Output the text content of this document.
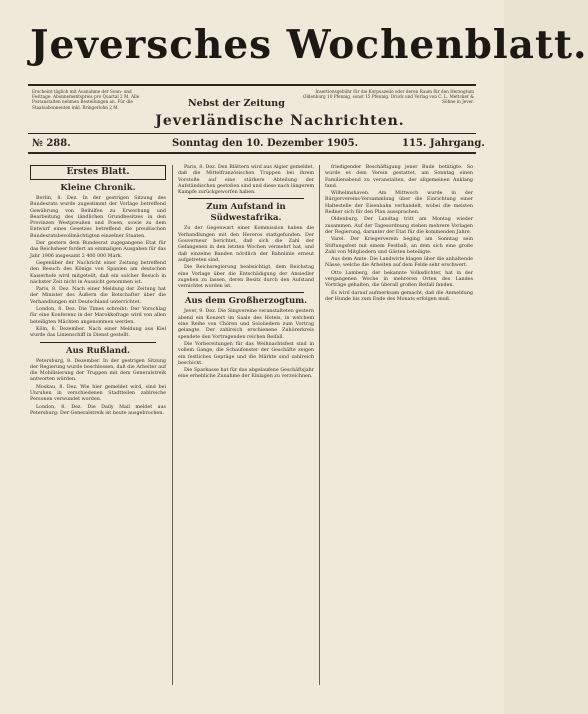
Jeversches Wochenblatt.
Erscheint täglich mit Ausnahme der Sonn- und Festtage. Abonnementspreis pro Quartal 2 M. Alle Postanstalten nehmen Bestellungen an. Für die Staatsabonnenten inkl. Bringerlohn 2 M.
Insertionsgebühr für die Korpuszeile oder deren Raum für den Herzogtum Oldenburg 10 Pfennig, sonst 15 Pfennig. Druck und Verlag von C. L. Mettcker & Söhne in Jever.
Nebst der Zeitung
Jeverländische Nachrichten.
№ 288.	Sonntag den 10. Dezember 1905.	115. Jahrgang.
Erstes Blatt.
Kleine Chronik.

Berlin, 8. Dez. In der gestrigen Sitzung des Bundesrats wurde zugestimmt der Vorlage betreffend Gewährung von Beihilfen zu Erwerbung und Bearbeitung des ländlichen Grundbesitzes in den Provinzen Westpreußen und Posen, sowie zu dem Entwurf eines Gesetzes betreffend die preußischen Bundesratsbevollmächtigten einzelner Staaten.

Der gestern dem Bundesrat zugegangene Etat für das Reichsheer fordert an einmaligen Ausgaben für das Jahr 1906 insgesamt 2 400 000 Mark.

Gegenüber der Nachricht einer Zeitung betreffend den Besuch des Königs von Spanien am deutschen Kaiserhofe wird mitgeteilt, daß ein solcher Besuch in nächster Zeit nicht in Aussicht genommen ist.

Paris, 8. Dez. Nach einer Meldung der Zeitung hat der Minister des Äußern die Botschafter über die Verhandlungen mit Deutschland unterrichtet.

London, 8. Dez. Die Times schreibt: Der Vorschlag für eine Konferenz in der Marokkofrage wird von allen beteiligten Mächten angenommen werden.

Köln, 8. Dezember. Nach einer Meldung aus Kiel wurde das Linienschiff in Dienst gestellt.

Aus Rußland.

Petersburg, 8. Dezember. In der gestrigen Sitzung der Regierung wurde beschlossen, daß die Arbeiter auf die Mobilisierung der Truppen mit dem Generalstreik antworten würden.

Moskau, 8. Dez. Wie hier gemeldet wird, sind bei Unruhen in verschiedenen Stadtteilen zahlreiche Personen verwundet worden.

London, 8. Dez. Die Daily Mail meldet aus Petersburg: Der Generalstreik ist heute ausgebrochen.

Paris, 8. Dez. Den Blättern wird aus Algier gemeldet, daß die Mittelfranzösischen Truppen bei ihrem Vorstoße auf eine stärkere Abteilung der Aufständischen gestoßen sind und diese nach längerem Kampfe zurückgeworfen haben.

Zum Aufstand in Südwestafrika.

Zu der Gegenwart einer Kommission haben die Verhandlungen mit den Hereros stattgefunden. Der Gouverneur berichtet, daß sich die Zahl der Gefangenen in den letzten Wochen vermehrt hat, und daß einzelne Banden nördlich der Bahnlinie erneut aufgetreten sind.

Die Reichsregierung beabsichtigt, dem Reichstag eine Vorlage über die Entschädigung der Ansiedler zugehen zu lassen, deren Besitz durch den Aufstand vernichtet worden ist.

Aus dem Großherzogtum.

Jever, 9. Dez. Die Singvereine veranstalteten gestern abend ein Konzert im Saale des Hotels, in welchem eine Reihe von Chören und Sololiedern zum Vortrag gelangte. Der zahlreich erschienene Zuhörerkreis spendete den Vortragenden reichen Beifall.

Die Vorbereitungen für das Weihnachtsfest sind in vollem Gange, die Schaufenster der Geschäfte zeigen ein festliches Gepräge und die Märkte sind zahlreich beschickt.

Die Sparkasse hat für das abgelaufene Geschäftsjahr eine erhebliche Zunahme der Einlagen zu verzeichnen.

friedigender Beschäftigung jener Bude betätigte. So wurde es dem Verein gestattet, am Sonntag einen Familienabend zu veranstalten, der allgemeinen Anklang fand.

Wilhelmshaven. Am Mittwoch wurde in der Bürgervereins-Versammlung über die Einrichtung einer Haltestelle der Eisenbahn verhandelt, wobei die meisten Redner sich für den Plan aussprachen.

Oldenburg. Der Landtag tritt am Montag wieder zusammen. Auf der Tagesordnung stehen mehrere Vorlagen der Regierung, darunter der Etat für die kommenden Jahre.

Varel. Der Kriegerverein beging am Sonntag sein Stiftungsfest mit einem Festball, an dem sich eine große Zahl von Mitgliedern und Gästen beteiligte.

Aus dem Amte. Die Landwirte klagen über die anhaltende Nässe, welche die Arbeiten auf dem Felde sehr erschwert.

Otto Lamberg, der bekannte Volksdichter, hat in der vergangenen Woche in mehreren Orten des Landes Vorträge gehalten, die überall großen Beifall fanden.

Es wird darauf aufmerksam gemacht, daß die Anmeldung der Hunde bis zum Ende des Monats erfolgen muß.
